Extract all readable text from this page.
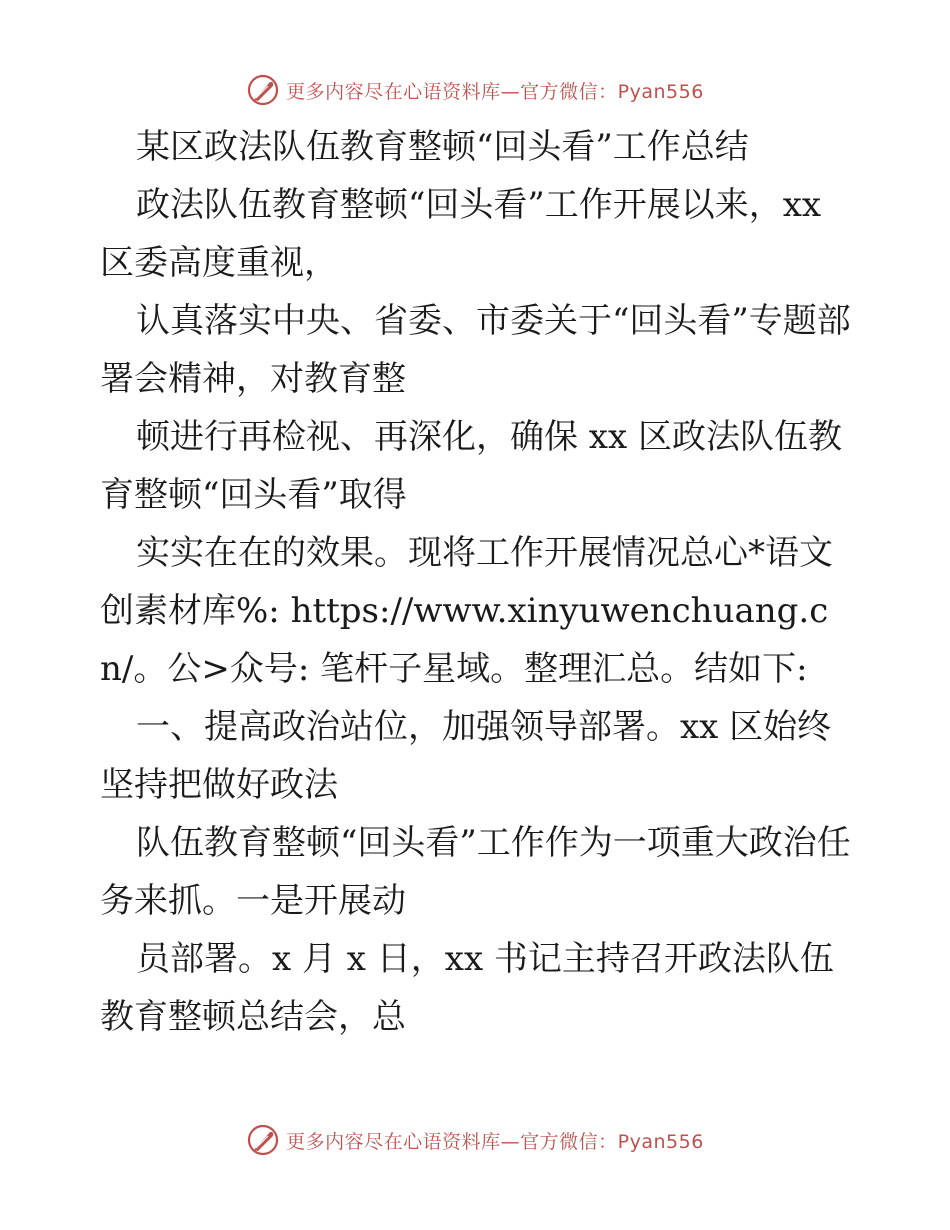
更多内容尽在心语资料库—官方微信：Pyan556

某区政法队伍教育整顿“回头看”工作总结

政法队伍教育整顿“回头看”工作开展以来，xx区委高度重视，

认真落实中央、省委、市委关于“回头看”专题部署会精神，对教育整

顿进行再检视、再深化，确保 xx 区政法队伍教育整顿“回头看”取得

实实在在的效果。现将工作开展情况总心*语文创素材库%: https://www.xinyuwenchuang.cn/。公>众号: 笔杆子星域。整理汇总。结如下:

一、提高政治站位，加强领导部署。xx 区始终坚持把做好政法

队伍教育整顿“回头看”工作作为一项重大政治任务来抓。一是开展动

员部署。x 月 x 日，xx 书记主持召开政法队伍教育整顿总结会，总

更多内容尽在心语资料库—官方微信：Pyan556
